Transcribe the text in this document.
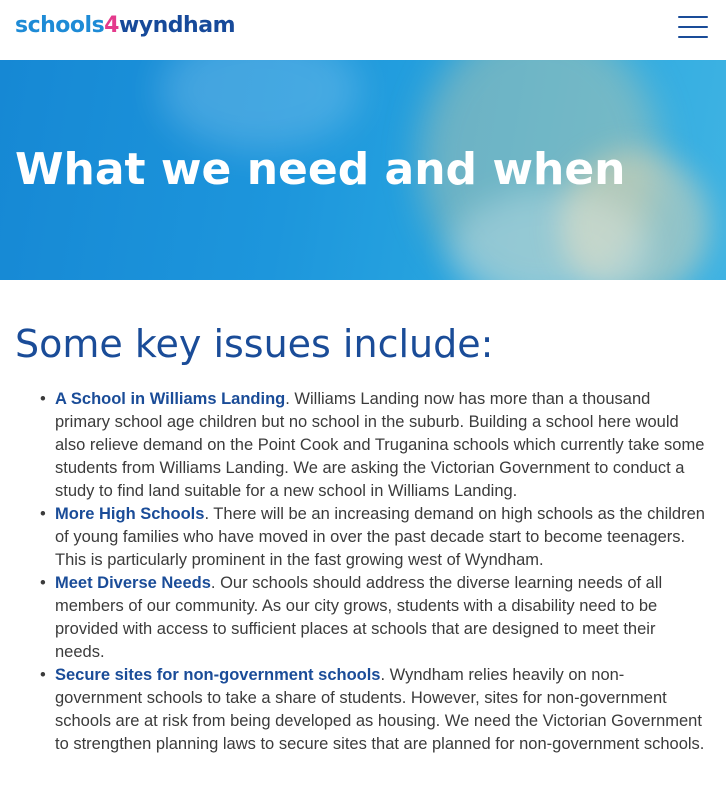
schools4wyndham
What we need and when
Some key issues include:
• A School in Williams Landing. Williams Landing now has more than a thousand primary school age children but no school in the suburb. Building a school here would also relieve demand on the Point Cook and Truganina schools which currently take some students from Williams Landing. We are asking the Victorian Government to conduct a study to find land suitable for a new school in Williams Landing.
• More High Schools. There will be an increasing demand on high schools as the children of young families who have moved in over the past decade start to become teenagers. This is particularly prominent in the fast growing west of Wyndham.
• Meet Diverse Needs. Our schools should address the diverse learning needs of all members of our community. As our city grows, students with a disability need to be provided with access to sufficient places at schools that are designed to meet their needs.
• Secure sites for non-government schools. Wyndham relies heavily on non-government schools to take a share of students. However, sites for non-government schools are at risk from being developed as housing. We need the Victorian Government to strengthen planning laws to secure sites that are planned for non-government schools.
